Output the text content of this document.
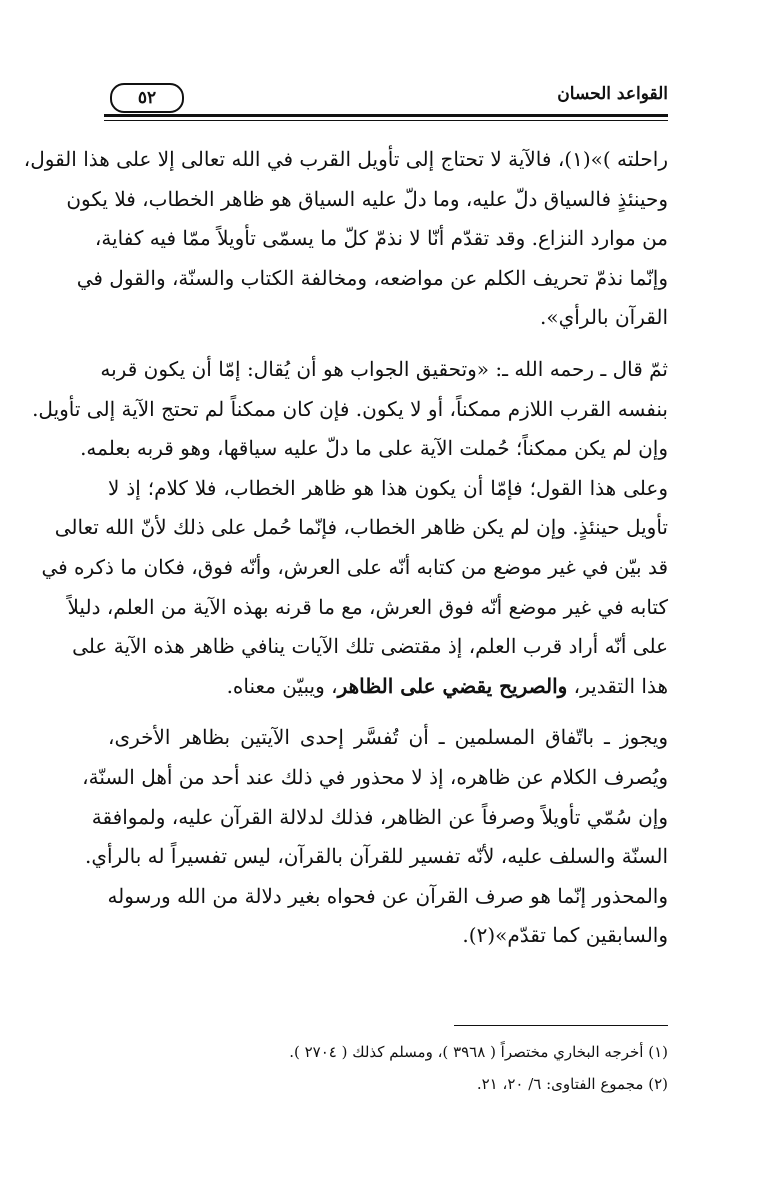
القواعد الحسان
٥٢
راحلته )»(١)، فالآية لا تحتاج إلى تأويل القرب في الله تعالى إلا على هذا القول،
وحينئذٍ فالسياق دلّ عليه، وما دلّ عليه السياق هو ظاهر الخطاب، فلا يكون
من موارد النزاع. وقد تقدّم أنّا لا نذمّ كلّ ما يسمّى تأويلاً ممّا فيه كفاية،
وإنّما نذمّ تحريف الكلم عن مواضعه، ومخالفة الكتاب والسنّة، والقول في
القرآن بالرأي».
ثمّ قال ـ رحمه الله ـ: «وتحقيق الجواب هو أن يُقال: إمّا أن يكون قربه
بنفسه القرب اللازم ممكناً، أو لا يكون. فإن كان ممكناً لم تحتج الآية إلى تأويل.
وإن لم يكن ممكناً؛ حُملت الآية على ما دلّ عليه سياقها، وهو قربه بعلمه.
وعلى هذا القول؛ فإمّا أن يكون هذا هو ظاهر الخطاب، فلا كلام؛ إذ لا
تأويل حينئذٍ. وإن لم يكن ظاهر الخطاب، فإنّما حُمل على ذلك لأنّ الله تعالى
قد بيّن في غير موضع من كتابه أنّه على العرش، وأنّه فوق، فكان ما ذكره في
كتابه في غير موضع أنّه فوق العرش، مع ما قرنه بهذه الآية من العلم، دليلاً
على أنّه أراد قرب العلم، إذ مقتضى تلك الآيات ينافي ظاهر هذه الآية على
هذا التقدير، والصريح يقضي على الظاهر، ويبيّن معناه.
ويجوز ـ باتّفاق المسلمين ـ أن تُفسَّر إحدى الآيتين بظاهر الأخرى،
ويُصرف الكلام عن ظاهره، إذ لا محذور في ذلك عند أحد من أهل السنّة،
وإن سُمّي تأويلاً وصرفاً عن الظاهر، فذلك لدلالة القرآن عليه، ولموافقة
السنّة والسلف عليه، لأنّه تفسير للقرآن بالقرآن، ليس تفسيراً له بالرأي.
والمحذور إنّما هو صرف القرآن عن فحواه بغير دلالة من الله ورسوله
والسابقين كما تقدّم»(٢).
(١) أخرجه البخاري مختصراً ( ٣٩٦٨ )، ومسلم كذلك ( ٢٧٠٤ ).
(٢) مجموع الفتاوى: ٦/ ٢٠، ٢١.
